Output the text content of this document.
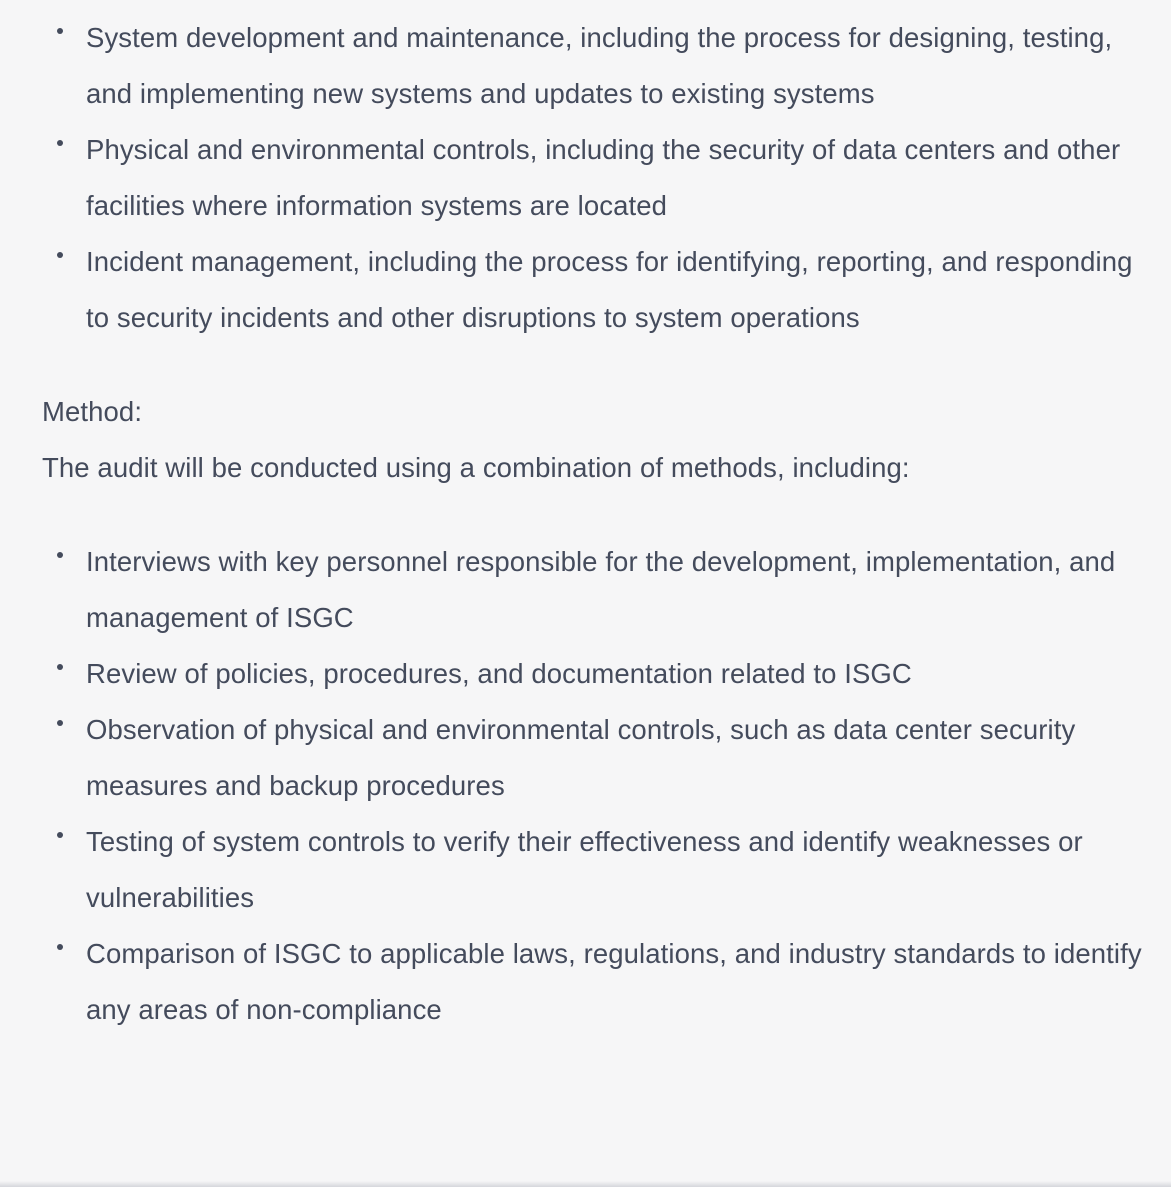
System development and maintenance, including the process for designing, testing, and implementing new systems and updates to existing systems
Physical and environmental controls, including the security of data centers and other facilities where information systems are located
Incident management, including the process for identifying, reporting, and responding to security incidents and other disruptions to system operations

Method:

The audit will be conducted using a combination of methods, including:

Interviews with key personnel responsible for the development, implementation, and management of ISGC
Review of policies, procedures, and documentation related to ISGC
Observation of physical and environmental controls, such as data center security measures and backup procedures
Testing of system controls to verify their effectiveness and identify weaknesses or vulnerabilities
Comparison of ISGC to applicable laws, regulations, and industry standards to identify any areas of non-compliance
